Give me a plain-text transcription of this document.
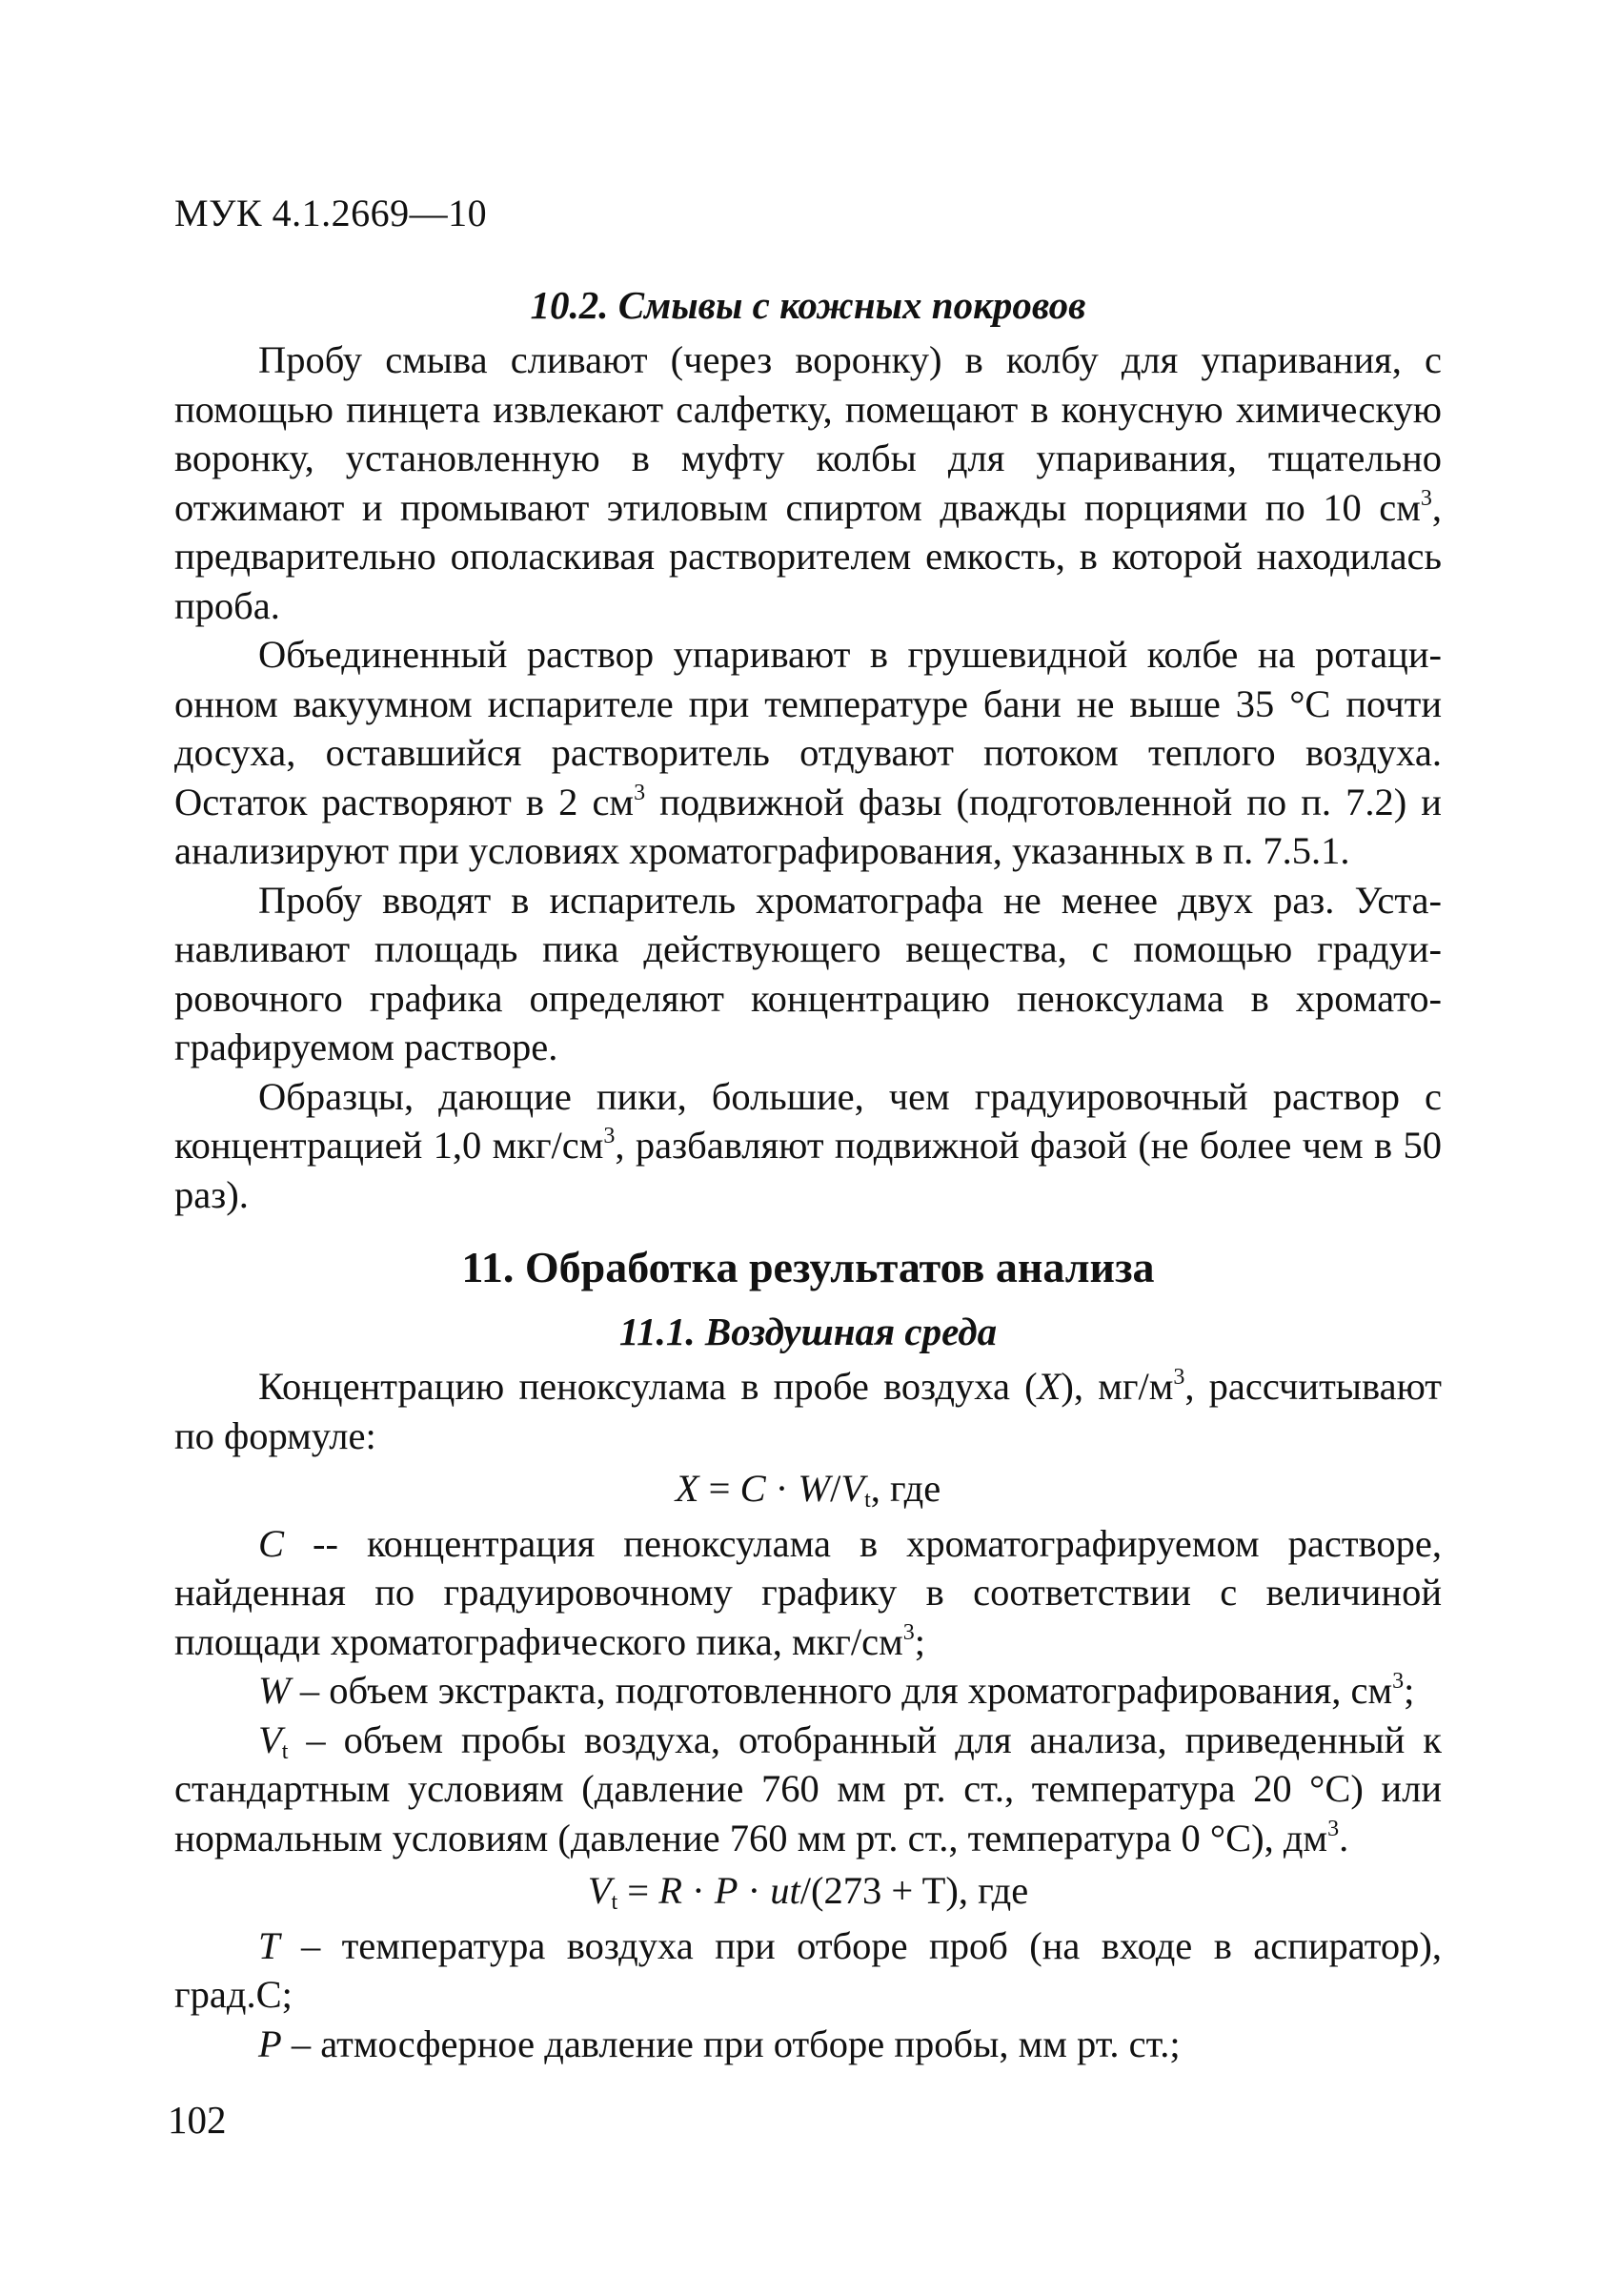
МУК 4.1.2669—10
10.2. Смывы с кожных покровов

Пробу смыва сливают (через воронку) в колбу для упаривания, с помощью пинцета извлекают салфетку, помещают в конусную химическую воронку, установленную в муфту колбы для упаривания, тщательно отжимают и промывают этиловым спиртом дважды порциями по 10 $см^3$, предварительно ополаскивая растворителем емкость, в которой находилась проба.

Объединенный раствор упаривают в грушевидной колбе на ротационном вакуумном испарителе при температуре бани не выше 35 °C почти досуха, оставшийся растворитель отдувают потоком теплого воздуха. Остаток растворяют в 2 $см^3$ подвижной фазы (подготовленной по п. 7.2) и анализируют при условиях хроматографирования, указанных в п. 7.5.1.

Пробу вводят в испаритель хроматографа не менее двух раз. Устанавливают площадь пика действующего вещества, с помощью градуировочного графика определяют концентрацию пеноксулама в хроматографируемом растворе.

Образцы, дающие пики, большие, чем градуировочный раствор с концентрацией 1,0 мкг/$см^3$, разбавляют подвижной фазой (не более чем в 50 раз).

11. Обработка результатов анализа
11.1. Воздушная среда

Концентрацию пеноксулама в пробе воздуха (X), $мг/м^3$, рассчитывают по формуле:

$X = C \cdot W/V_t$, где

C -- концентрация пеноксулама в хроматографируемом растворе, найденная по градуировочному графику в соответствии с величиной площади хроматографического пика, мкг/$см^3$;

W – объем экстракта, подготовленного для хроматографирования, $см^3$;

$V_t$ – объем пробы воздуха, отобранный для анализа, приведенный к стандартным условиям (давление 760 мм рт. ст., температура 20 °C) или нормальным условиям (давление 760 мм рт. ст., температура 0 °C), $дм^3$.

$V_t = R \cdot P \cdot ut/(273 + T)$, где

T – температура воздуха при отборе проб (на входе в аспиратор), град.С;

P – атмосферное давление при отборе пробы, мм рт. ст.;

102
